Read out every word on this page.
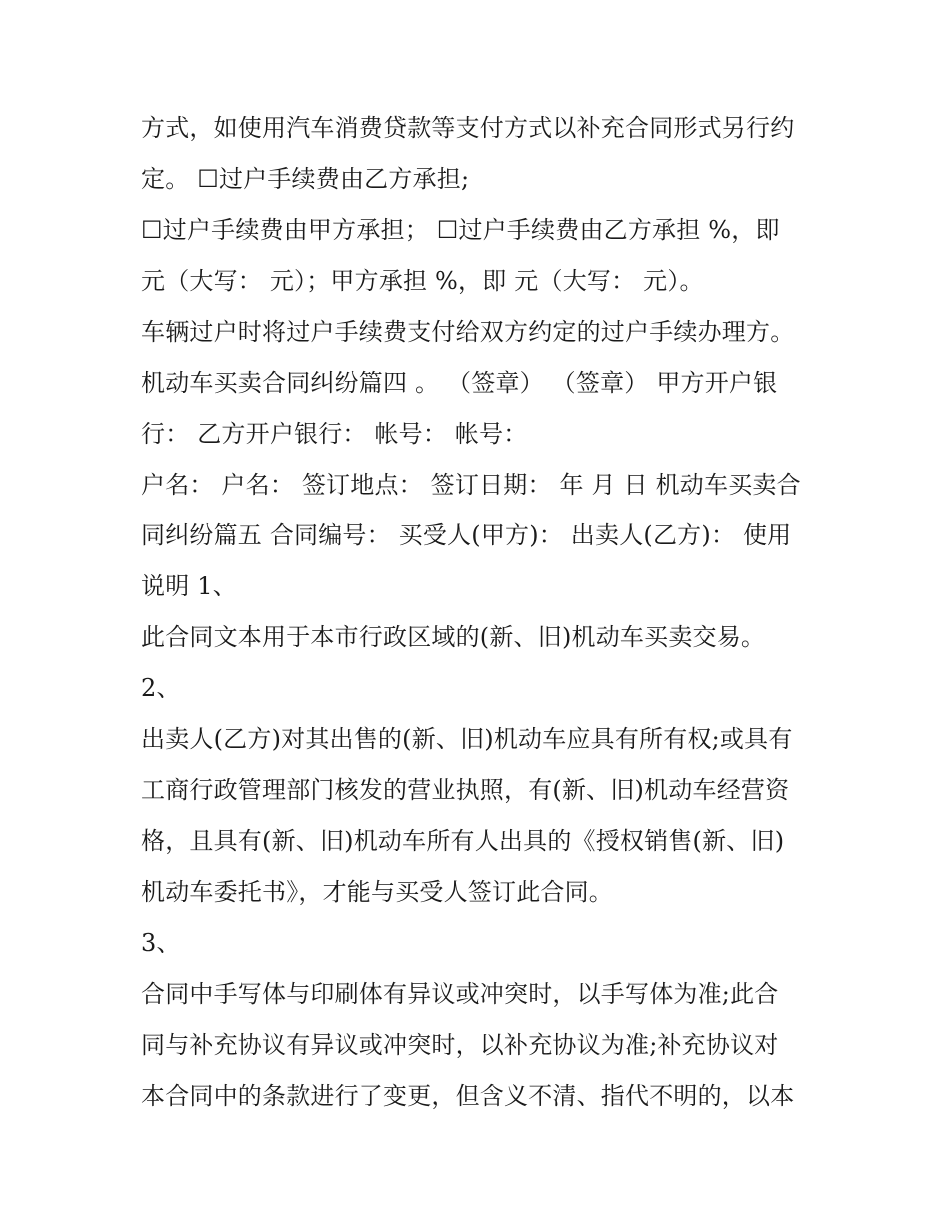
方式，如使用汽车消费贷款等支付方式以补充合同形式另行约
定。 ☐过户手续费由乙方承担;
☐过户手续费由甲方承担； ☐过户手续费由乙方承担 %，即
元（大写： 元）；甲方承担 %，即 元（大写： 元）。
车辆过户时将过户手续费支付给双方约定的过户手续办理方。
机动车买卖合同纠纷篇四 。 （签章） （签章） 甲方开户银
行： 乙方开户银行： 帐号： 帐号：
户名： 户名： 签订地点： 签订日期： 年 月 日 机动车买卖合
同纠纷篇五 合同编号： 买受人(甲方)： 出卖人(乙方)： 使用
说明 1、
此合同文本用于本市行政区域的(新、旧)机动车买卖交易。
2、
出卖人(乙方)对其出售的(新、旧)机动车应具有所有权;或具有
工商行政管理部门核发的营业执照，有(新、旧)机动车经营资
格，且具有(新、旧)机动车所有人出具的《授权销售(新、旧)
机动车委托书》，才能与买受人签订此合同。
3、
合同中手写体与印刷体有异议或冲突时，以手写体为准;此合
同与补充协议有异议或冲突时，以补充协议为准;补充协议对
本合同中的条款进行了变更，但含义不清、指代不明的，以本
